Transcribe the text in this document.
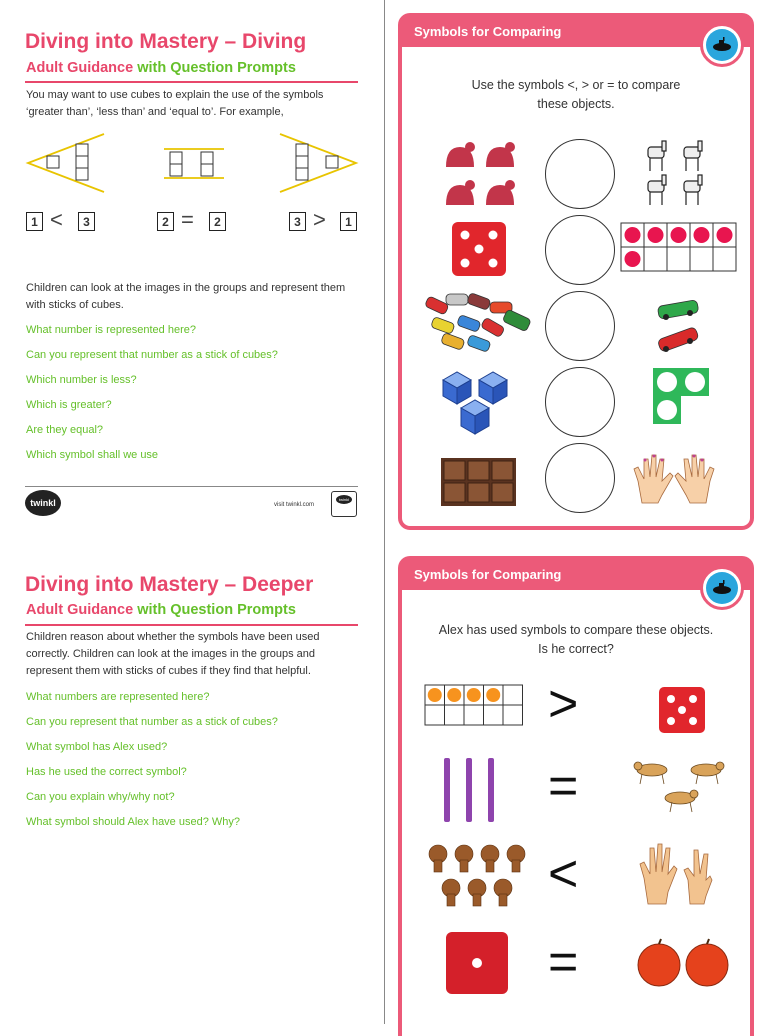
Diving into Mastery – Diving
Adult Guidance with Question Prompts
You may want to use cubes to explain the use of the symbols ‘greater than’, ‘less than’ and ‘equal to’. For example,
1 <	3	2 =	2	3 >	1
Children can look at the images in the groups and represent them with sticks of cubes.
What number is represented here?
Can you represent that number as a stick of cubes?
Which number is less?
Which is greater?
Are they equal?
Which symbol shall we use
twinkl	visit twinkl.com
twinkl
Diving into Mastery – Deeper
Adult Guidance with Question Prompts
Children reason about whether the symbols have been used correctly. Children can look at the images in the groups and represent them with sticks of cubes if they find that helpful.
What numbers are represented here?
Can you represent that number as a stick of cubes?
What symbol has Alex used?
Has he used the correct symbol?
Can you explain why/why not?
What symbol should Alex have used? Why?
Symbols for Comparing
Use the symbols <, > or = to compare
these objects.
Symbols for Comparing
Alex has used symbols to compare these objects.
Is he correct?
>
=
<
=
